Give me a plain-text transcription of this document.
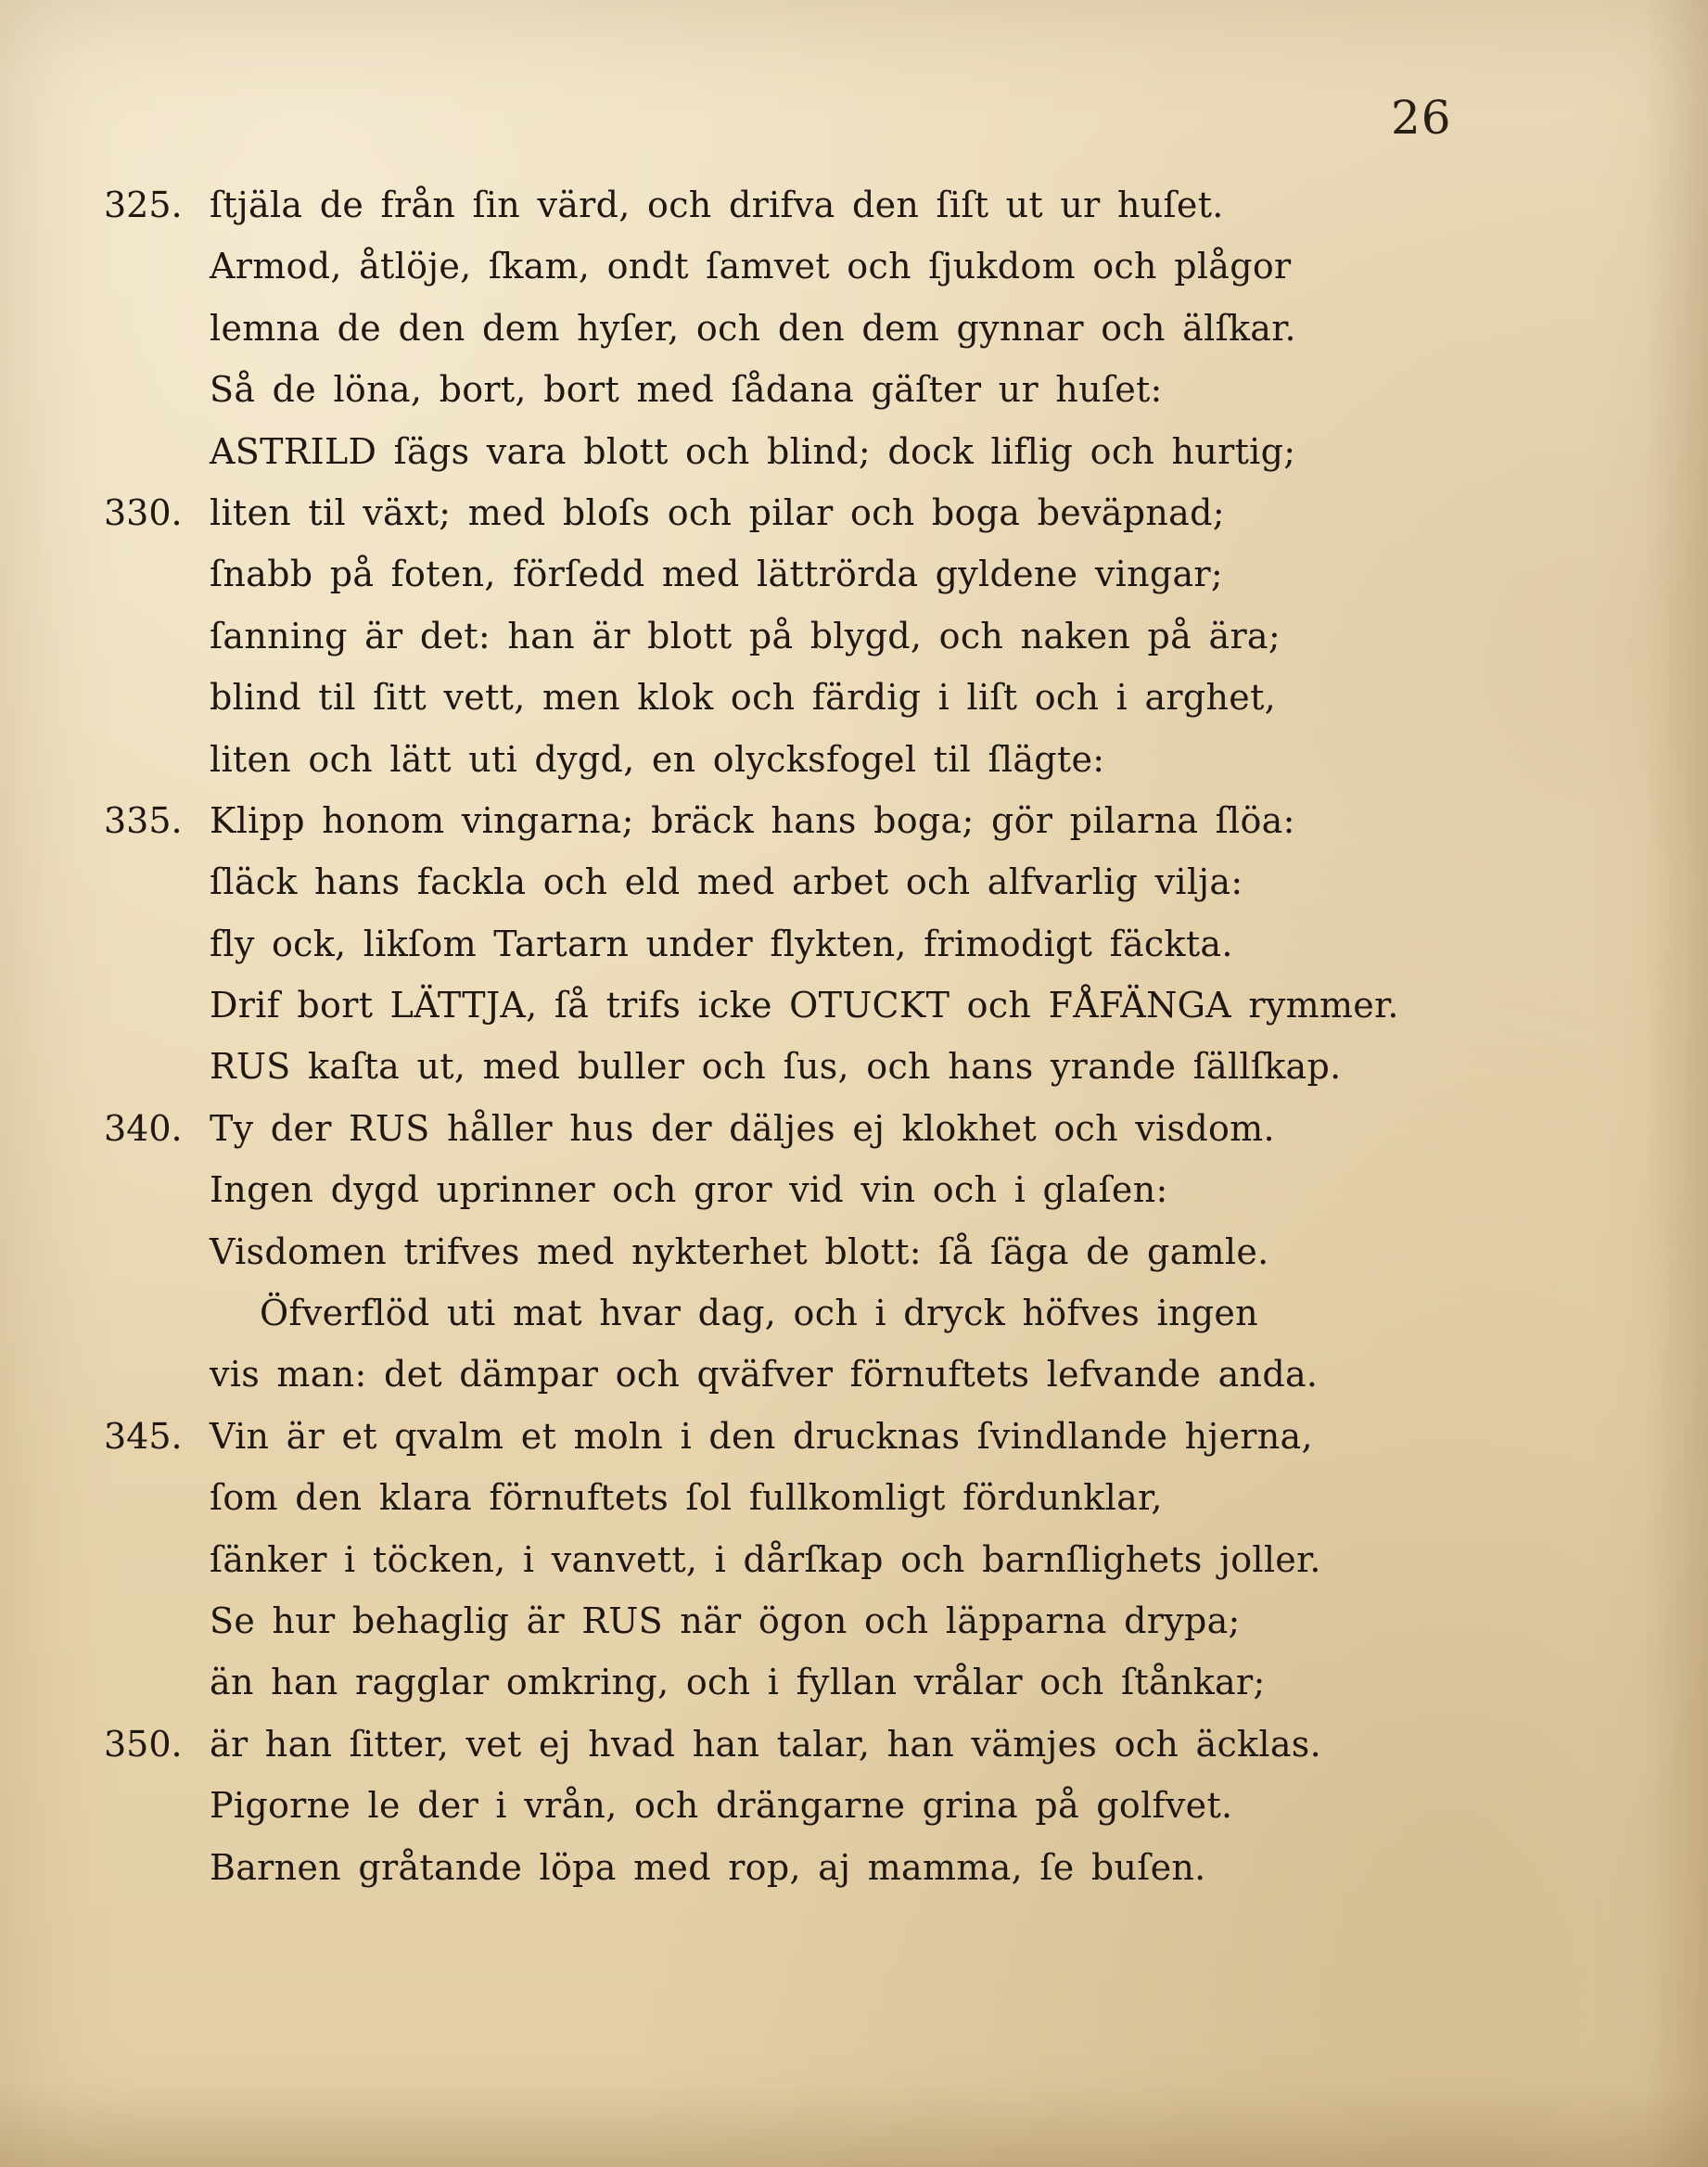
26
325. ſtjäla de från ſin värd, och drifva den ſiſt ut ur huſet.
Armod, åtlöje, ſkam, ondt ſamvet och ſjukdom och plågor
lemna de den dem hyſer, och den dem gynnar och älſkar.
Så de löna, bort, bort med ſådana gäſter ur huſet:
ASTRILD ſägs vara blott och blind; dock liflig och hurtig;
330. liten til växt; med bloſs och pilar och boga beväpnad;
ſnabb på foten, förſedd med lättrörda gyldene vingar;
ſanning är det: han är blott på blygd, och naken på ära;
blind til ſitt vett, men klok och färdig i liſt och i arghet,
liten och lätt uti dygd, en olycksfogel til ſlägte:
335. Klipp honom vingarna; bräck hans boga; gör pilarna ſlöa:
ſläck hans fackla och eld med arbet och alfvarlig vilja:
fly ock, likſom Tartarn under flykten, frimodigt fäckta.
Drif bort LÄTTJA, ſå trifs icke OTUCKT och FÅFÄNGA rymmer.
RUS kaſta ut, med buller och ſus, och hans yrande ſällſkap.
340. Ty der RUS håller hus der däljes ej klokhet och visdom.
Ingen dygd uprinner och gror vid vin och i glaſen:
Visdomen trifves med nykterhet blott: ſå ſäga de gamle.
Öfverflöd uti mat hvar dag, och i dryck höfves ingen
vis man: det dämpar och qväfver förnuftets lefvande anda.
345. Vin är et qvalm et moln i den drucknas ſvindlande hjerna,
ſom den klara förnuftets ſol fullkomligt fördunklar,
ſänker i töcken, i vanvett, i dårſkap och barnſlighets joller.
Se hur behaglig är RUS när ögon och läpparna drypa;
än han ragglar omkring, och i fyllan vrålar och ſtånkar;
350. är han ſitter, vet ej hvad han talar, han vämjes och äcklas.
Pigorne le der i vrån, och drängarne grina på golfvet.
Barnen gråtande löpa med rop, aj mamma, ſe buſen.
